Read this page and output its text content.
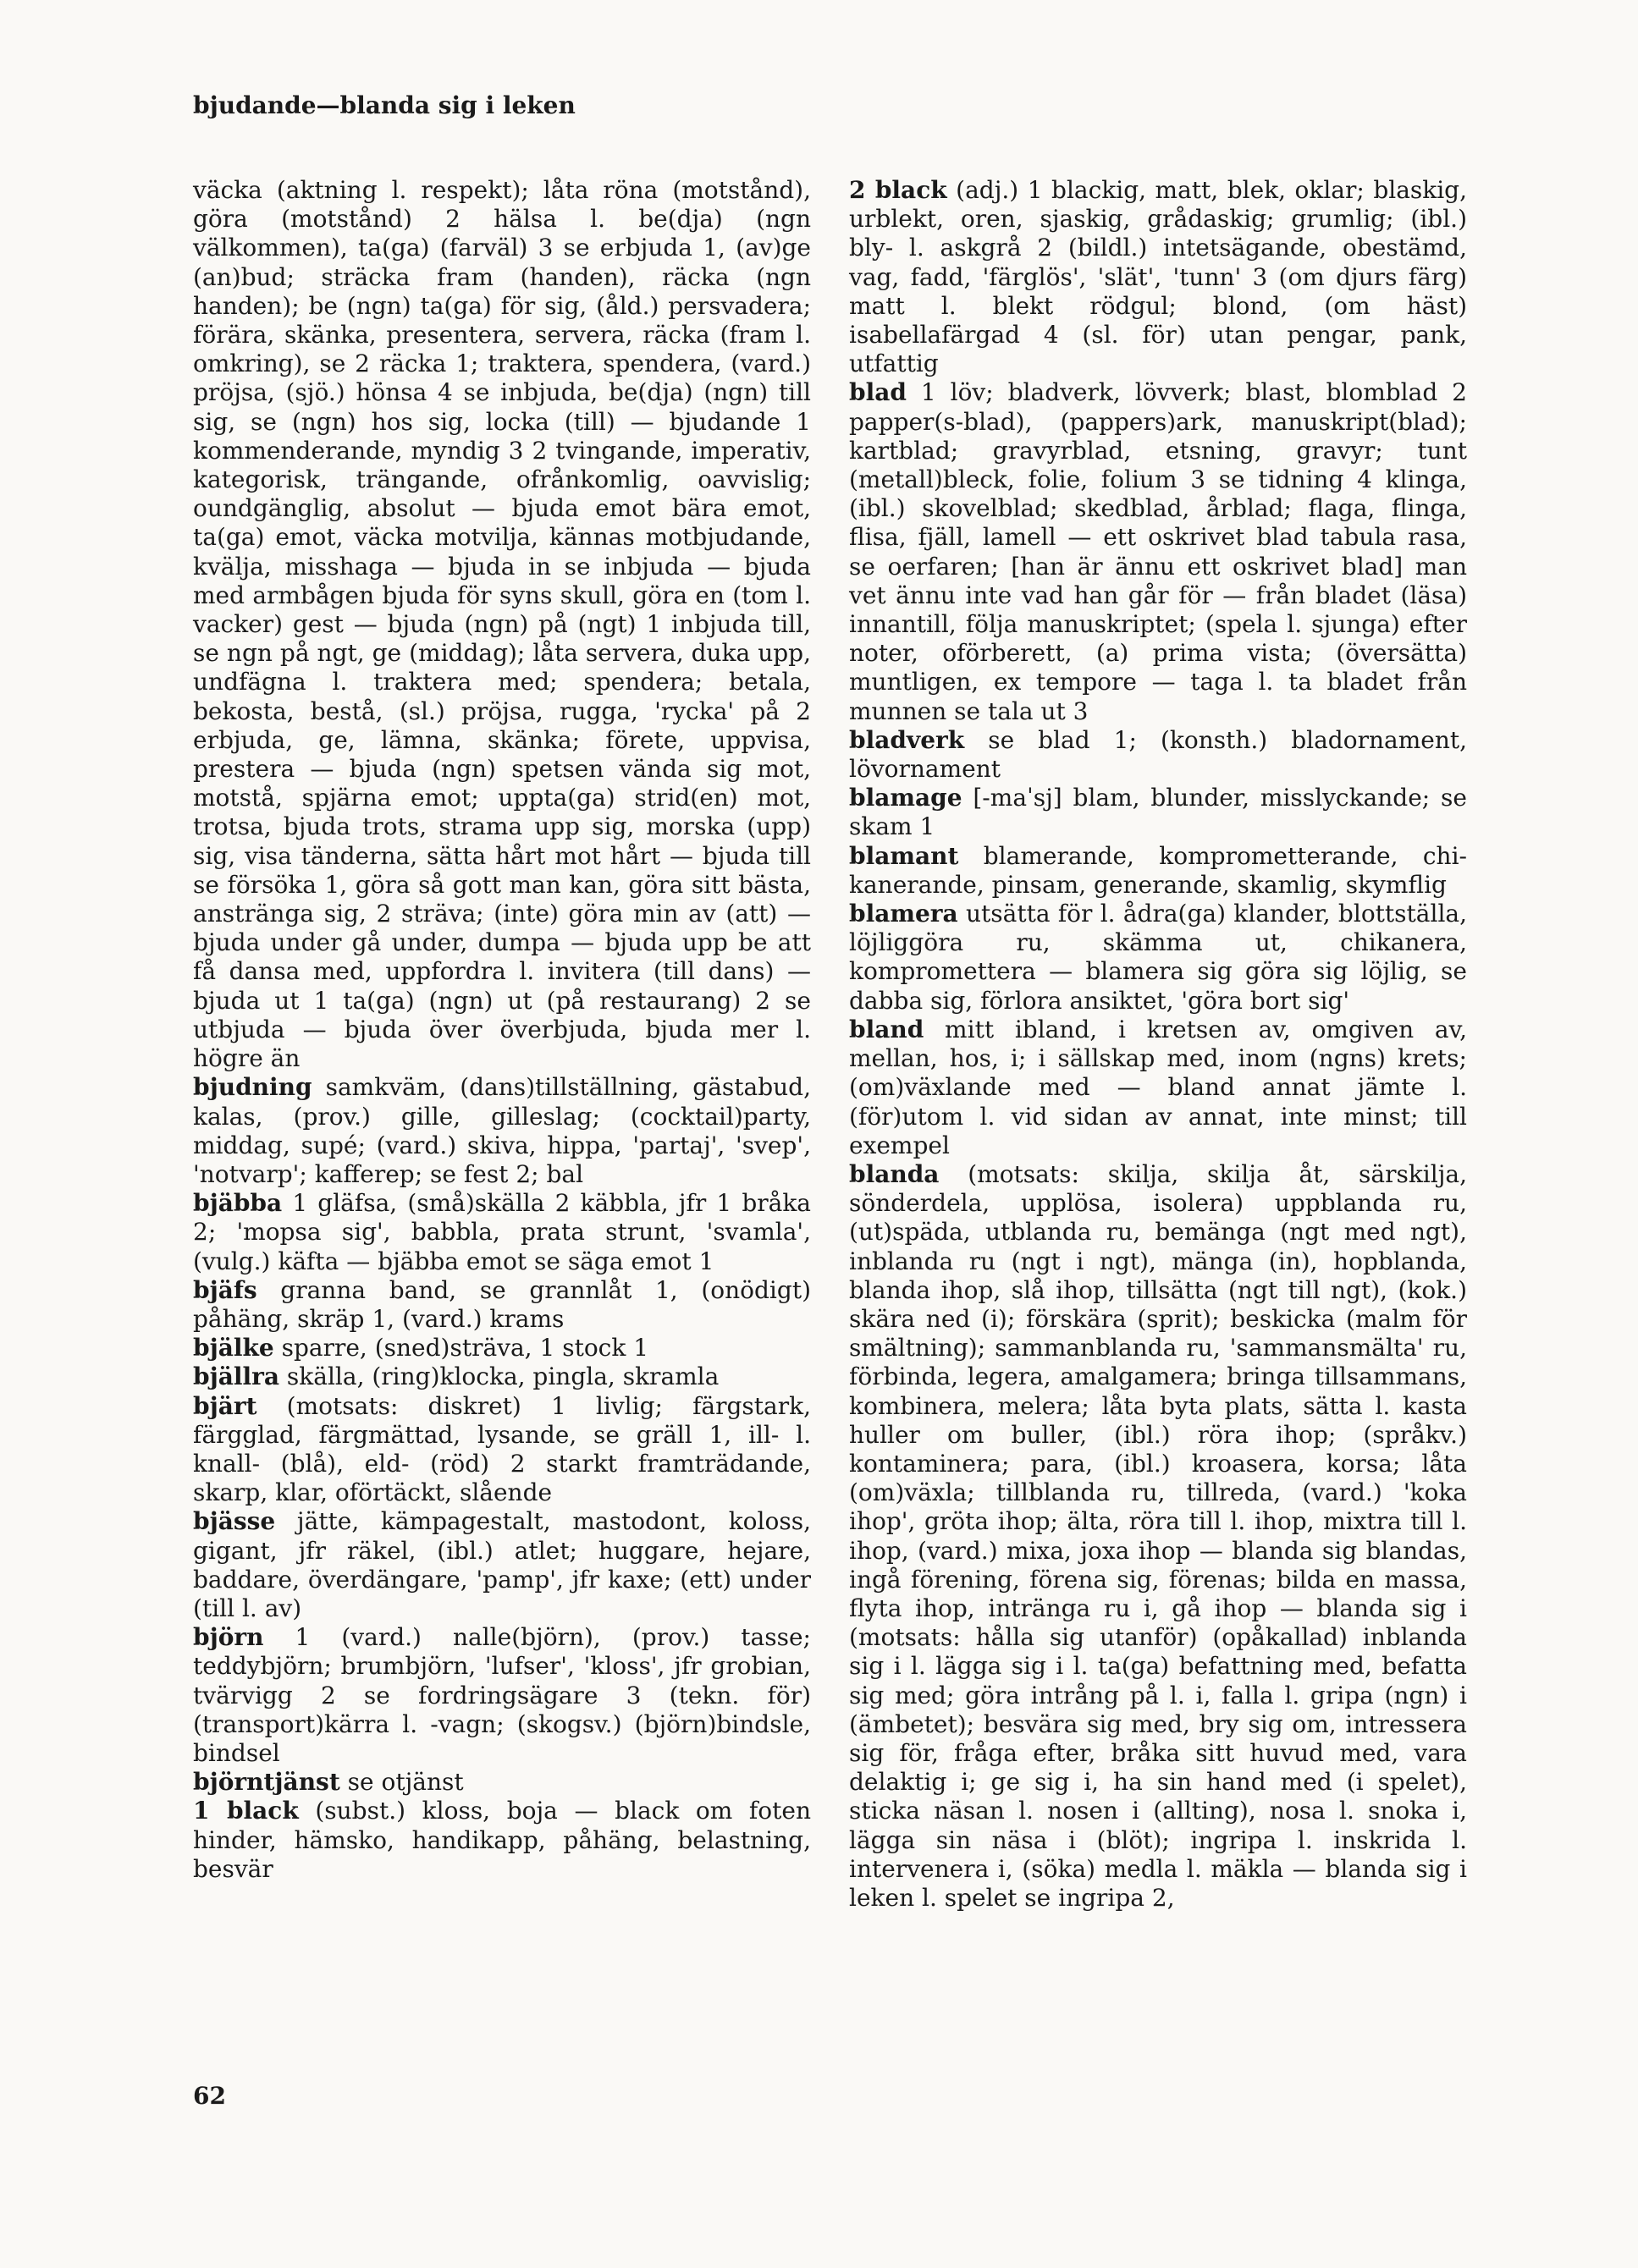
bjudande—blanda sig i leken
väcka (aktning l. respekt); låta röna (motstånd), göra (motstånd) 2 hälsa l. be(dja) (ngn välkommen), ta(ga) (farväl) 3 se erbjuda 1, (av)ge (an)bud; sträcka fram (handen), räcka (ngn handen); be (ngn) ta(ga) för sig, (åld.) persvadera; förära, skänka, presentera, servera, räcka (fram l. omkring), se 2 räcka 1; traktera, spendera, (vard.) pröjsa, (sjö.) hönsa 4 se inbjuda, be(dja) (ngn) till sig, se (ngn) hos sig, locka (till) — bjudande 1 kommenderande, myndig 3 2 tvingande, imperativ, kategorisk, trängande, ofrånkomlig, oavvislig; oundgänglig, absolut — bjuda emot bära emot, ta(ga) emot, väcka motvilja, kännas motbjudande, kvälja, misshaga — bjuda in se inbjuda — bjuda med armbågen bjuda för syns skull, göra en (tom l. vacker) gest — bjuda (ngn) på (ngt) 1 inbjuda till, se ngn på ngt, ge (middag); låta servera, duka upp, undfägna l. traktera med; spendera; betala, bekosta, bestå, (sl.) pröjsa, rugga, 'rycka' på 2 erbjuda, ge, lämna, skänka; förete, uppvisa, prestera — bjuda (ngn) spetsen vända sig mot, motstå, spjärna emot; uppta(ga) strid(en) mot, trotsa, bjuda trots, strama upp sig, morska (upp) sig, visa tänderna, sätta hårt mot hårt — bjuda till se försöka 1, göra så gott man kan, göra sitt bästa, anstränga sig, 2 sträva; (inte) göra min av (att) — bjuda under gå under, dumpa — bjuda upp be att få dansa med, uppfordra l. invitera (till dans) — bjuda ut 1 ta(ga) (ngn) ut (på restaurang) 2 se utbjuda — bjuda över överbjuda, bjuda mer l. högre än
bjudning samkväm, (dans)tillställning, gästabud, kalas, (prov.) gille, gilleslag; (cocktail)party, middag, supé; (vard.) skiva, hippa, 'partaj', 'svep', 'notvarp'; kafferep; se fest 2; bal
bjäbba 1 gläfsa, (små)skälla 2 käbbla, jfr 1 bråka 2; 'mopsa sig', babbla, prata strunt, 'svamla', (vulg.) käfta — bjäbba emot se säga emot 1
bjäfs granna band, se grannlåt 1, (onödigt) påhäng, skräp 1, (vard.) krams
bjälke sparre, (sned)sträva, 1 stock 1
bjällra skälla, (ring)klocka, pingla, skramla
bjärt (motsats: diskret) 1 livlig; färgstark, färgglad, färgmättad, lysande, se gräll 1, ill- l. knall- (blå), eld- (röd) 2 starkt framträdande, skarp, klar, oförtäckt, slående
bjässe jätte, kämpagestalt, mastodont, koloss, gigant, jfr räkel, (ibl.) atlet; huggare, hejare, baddare, överdängare, 'pamp', jfr kaxe; (ett) under (till l. av)
björn 1 (vard.) nalle(björn), (prov.) tasse; teddybjörn; brumbjörn, 'lufser', 'kloss', jfr grobian, tvärvigg 2 se fordringsägare 3 (tekn. för) (transport)kärra l. -vagn; (skogsv.) (björn)bindsle, bindsel
björntjänst se otjänst
1 black (subst.) kloss, boja — black om foten hinder, hämsko, handikapp, påhäng, belastning, besvär
2 black (adj.) 1 blackig, matt, blek, oklar; blaskig, urblekt, oren, sjaskig, grådaskig; grumlig; (ibl.) bly- l. askgrå 2 (bildl.) intetsägande, obestämd, vag, fadd, 'färglös', 'slät', 'tunn' 3 (om djurs färg) matt l. blekt rödgul; blond, (om häst) isabellafärgad 4 (sl. för) utan pengar, pank, utfattig
blad 1 löv; bladverk, lövverk; blast, blomblad 2 papper(s-blad), (pappers)ark, manuskript(blad); kartblad; gravyrblad, etsning, gravyr; tunt (metall)bleck, folie, folium 3 se tidning 4 klinga, (ibl.) skovelblad; skedblad, årblad; flaga, flinga, flisa, fjäll, lamell — ett oskrivet blad tabula rasa, se oerfaren; [han är ännu ett oskrivet blad] man vet ännu inte vad han går för — från bladet (läsa) innantill, följa manuskriptet; (spela l. sjunga) efter noter, oförberett, (a) prima vista; (översätta) muntligen, ex tempore — taga l. ta bladet från munnen se tala ut 3
bladverk se blad 1; (konsth.) bladornament, lövornament
blamage [-maˈsj] blam, blunder, misslyckande; se skam 1
blamant blamerande, komprometterande, chikanerande, pinsam, generande, skamlig, skymflig
blamera utsätta för l. ådra(ga) klander, blottställa, löjliggöra ru, skämma ut, chikanera, kompromettera — blamera sig göra sig löjlig, se dabba sig, förlora ansiktet, 'göra bort sig'
bland mitt ibland, i kretsen av, omgiven av, mellan, hos, i; i sällskap med, inom (ngns) krets; (om)växlande med — bland annat jämte l. (för)utom l. vid sidan av annat, inte minst; till exempel
blanda (motsats: skilja, skilja åt, särskilja, sönderdela, upplösa, isolera) uppblanda ru, (ut)späda, utblanda ru, bemänga (ngt med ngt), inblanda ru (ngt i ngt), mänga (in), hopblanda, blanda ihop, slå ihop, tillsätta (ngt till ngt), (kok.) skära ned (i); förskära (sprit); beskicka (malm för smältning); sammanblanda ru, 'sammansmälta' ru, förbinda, legera, amalgamera; bringa tillsammans, kombinera, melera; låta byta plats, sätta l. kasta huller om buller, (ibl.) röra ihop; (språkv.) kontaminera; para, (ibl.) kroasera, korsa; låta (om)växla; tillblanda ru, tillreda, (vard.) 'koka ihop', gröta ihop; älta, röra till l. ihop, mixtra till l. ihop, (vard.) mixa, joxa ihop — blanda sig blandas, ingå förening, förena sig, förenas; bilda en massa, flyta ihop, intränga ru i, gå ihop — blanda sig i (motsats: hålla sig utanför) (opåkallad) inblanda sig i l. lägga sig i l. ta(ga) befattning med, befatta sig med; göra intrång på l. i, falla l. gripa (ngn) i (ämbetet); besvära sig med, bry sig om, intressera sig för, fråga efter, bråka sitt huvud med, vara delaktig i; ge sig i, ha sin hand med (i spelet), sticka näsan l. nosen i (allting), nosa l. snoka i, lägga sin näsa i (blöt); ingripa l. inskrida l. intervenera i, (söka) medla l. mäkla — blanda sig i leken l. spelet se ingripa 2,
62
